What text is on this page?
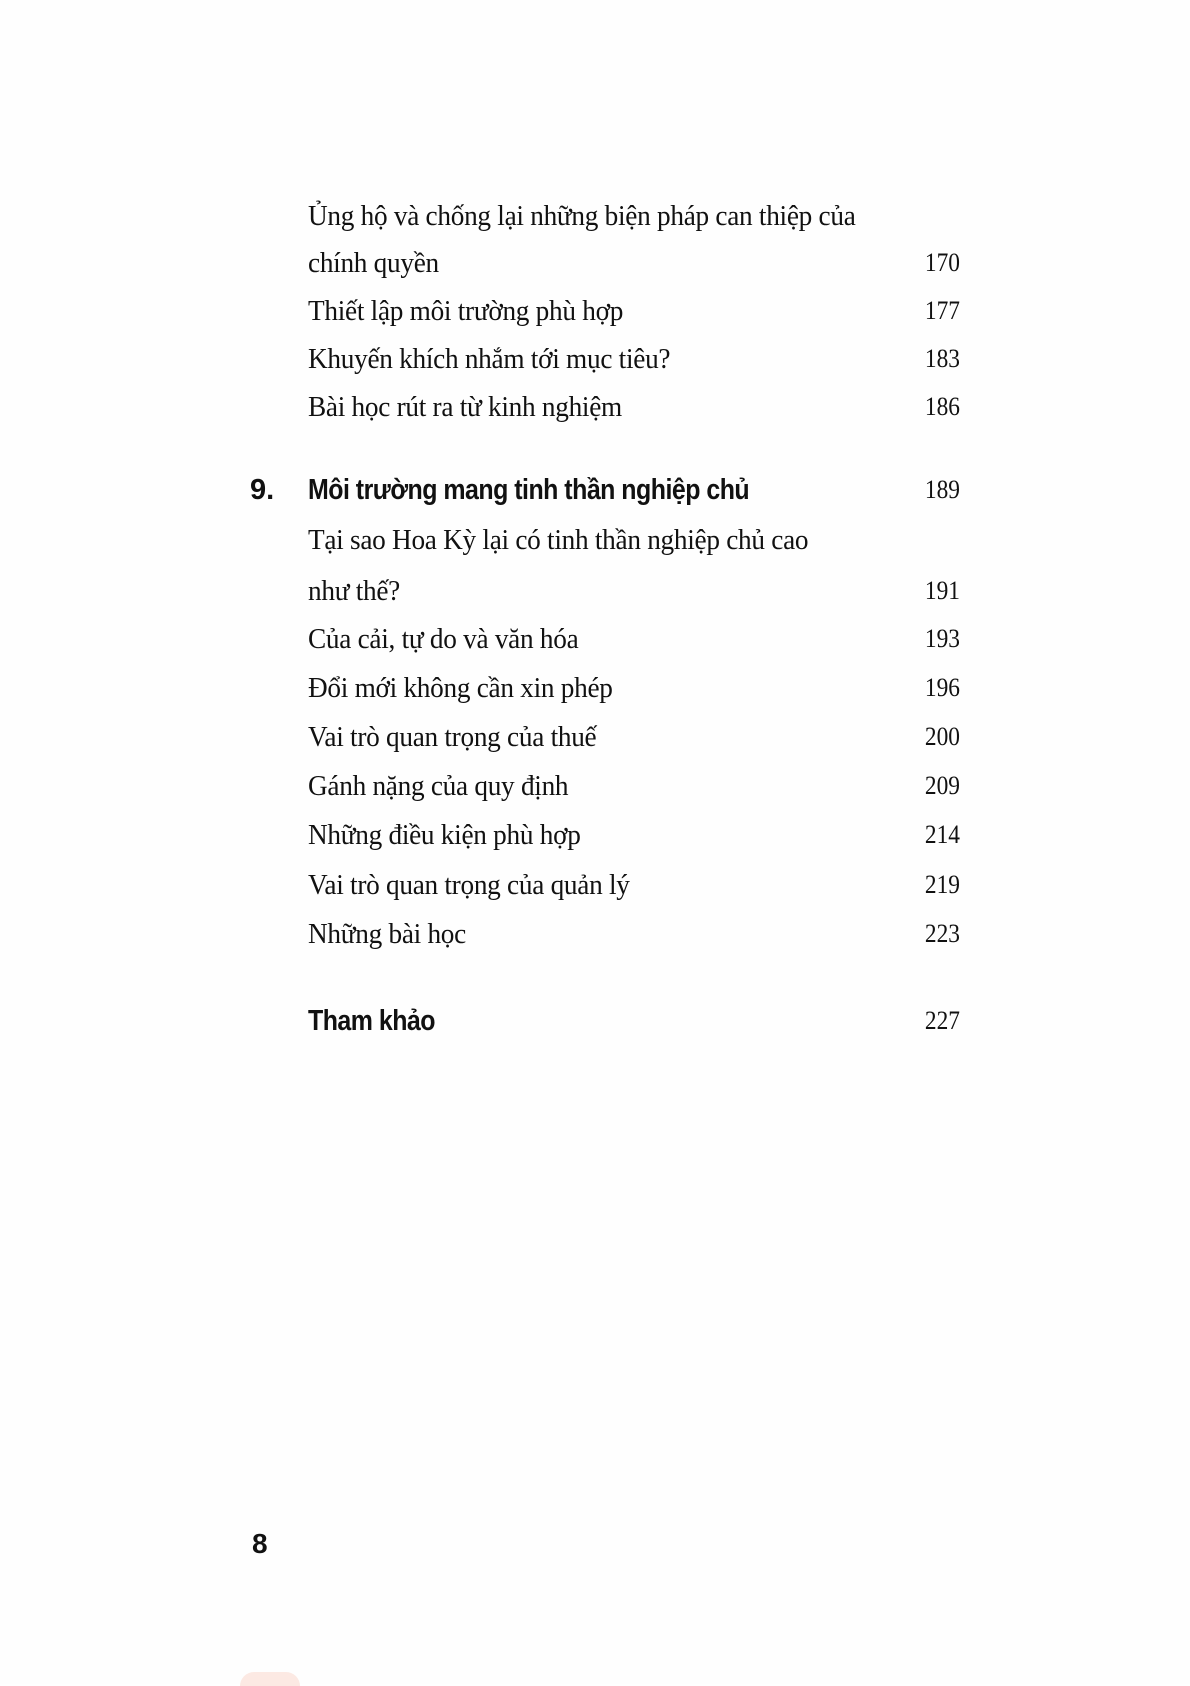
Ủng hộ và chống lại những biện pháp can thiệp của
chính quyền	170
Thiết lập môi trường phù hợp	177
Khuyến khích nhắm tới mục tiêu?	183
Bài học rút ra từ kinh nghiệm	186
9. Môi trường mang tinh thần nghiệp chủ	189
Tại sao Hoa Kỳ lại có tinh thần nghiệp chủ cao
như thế?	191
Của cải, tự do và văn hóa	193
Đổi mới không cần xin phép	196
Vai trò quan trọng của thuế	200
Gánh nặng của quy định	209
Những điều kiện phù hợp	214
Vai trò quan trọng của quản lý	219
Những bài học	223
Tham khảo	227
8
